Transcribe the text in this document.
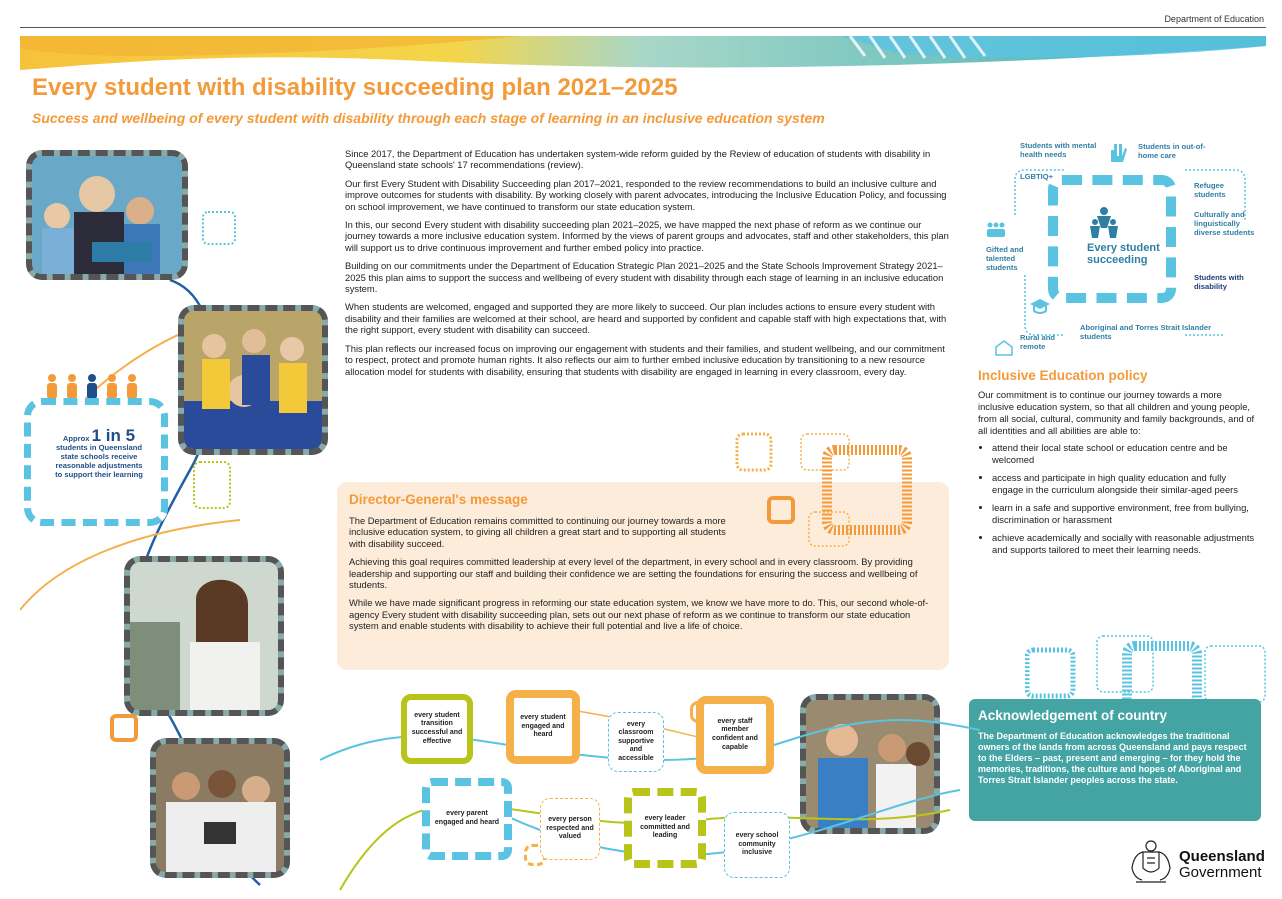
Department of Education
Every student with disability succeeding plan 2021–2025
Success and wellbeing of every student with disability through each stage of learning in an inclusive education system
Approx 1 in 5
students in Queensland state schools receive reasonable adjustments to support their learning

Since 2017, the Department of Education has undertaken system-wide reform guided by the Review of education of students with disability in Queensland state schools' 17 recommendations (review).

Our first Every Student with Disability Succeeding plan 2017–2021, responded to the review recommendations to build an inclusive culture and improve outcomes for students with disability. By working closely with parent advocates, introducing the Inclusive Education Policy, and focussing on school improvement, we have continued to transform our state education system.

In this, our second Every student with disability succeeding plan 2021–2025, we have mapped the next phase of reform as we continue our journey towards a more inclusive education system. Informed by the views of parent groups and advocates, staff and other stakeholders, this plan will support us to drive continuous improvement and further embed policy into practice.

Building on our commitments under the Department of Education Strategic Plan 2021–2025 and the State Schools Improvement Strategy 2021–2025 this plan aims to support the success and wellbeing of every student with disability through each stage of learning in an inclusive education system.

When students are welcomed, engaged and supported they are more likely to succeed. Our plan includes actions to ensure every student with disability and their families are welcomed at their school, are heard and supported by confident and capable staff with high expectations that, with the right support, every student with disability can succeed.

This plan reflects our increased focus on improving our engagement with students and their families, and student wellbeing, and our commitment to respect, protect and promote human rights. It also reflects our aim to further embed inclusive education by transitioning to a new resource allocation model for students with disability, ensuring that students with disability are engaged in learning in every classroom, every day.

Director-General's message

The Department of Education remains committed to continuing our journey towards a more inclusive education system, to giving all children a great start and to supporting all students with disability succeed.

Achieving this goal requires committed leadership at every level of the department, in every school and in every classroom. By providing leadership and supporting our staff and building their confidence we are setting the foundations for ensuring the success and wellbeing of students.

While we have made significant progress in reforming our state education system, we know we have more to do. This, our second whole-of-agency Every student with disability succeeding plan, sets out our next phase of reform as we continue to transform our state education system and enable students with disability to achieve their full potential and live a life of choice.

Every student succeeding
Students with mental health needs
Students in out-of-home care
LGBTIQ+
Refugee students
Culturally and linguistically diverse students
Gifted and talented students
Students with disability
Rural and remote
Aboriginal and Torres Strait Islander students
Inclusive Education policy
Our commitment is to continue our journey towards a more inclusive education system, so that all children and young people, from all social, cultural, community and family backgrounds, and of all identities and all abilities are able to:
• attend their local state school or education centre and be welcomed
• access and participate in high quality education and fully engage in the curriculum alongside their similar-aged peers
• learn in a safe and supportive environment, free from bullying, discrimination or harassment
• achieve academically and socially with reasonable adjustments and supports tailored to meet their learning needs.
Acknowledgement of country

The Department of Education acknowledges the traditional owners of the lands from across Queensland and pays respect to the Elders – past, present and emerging – for they hold the memories, traditions, the culture and hopes of Aboriginal and Torres Strait Islander peoples across the state.

every student transition successful and effective
every student engaged and heard
every classroom supportive and accessible
every staff member confident and capable
every parent engaged and heard	every person respected and valued
every leader committed and leading	every school community inclusive	Queensland
Government
